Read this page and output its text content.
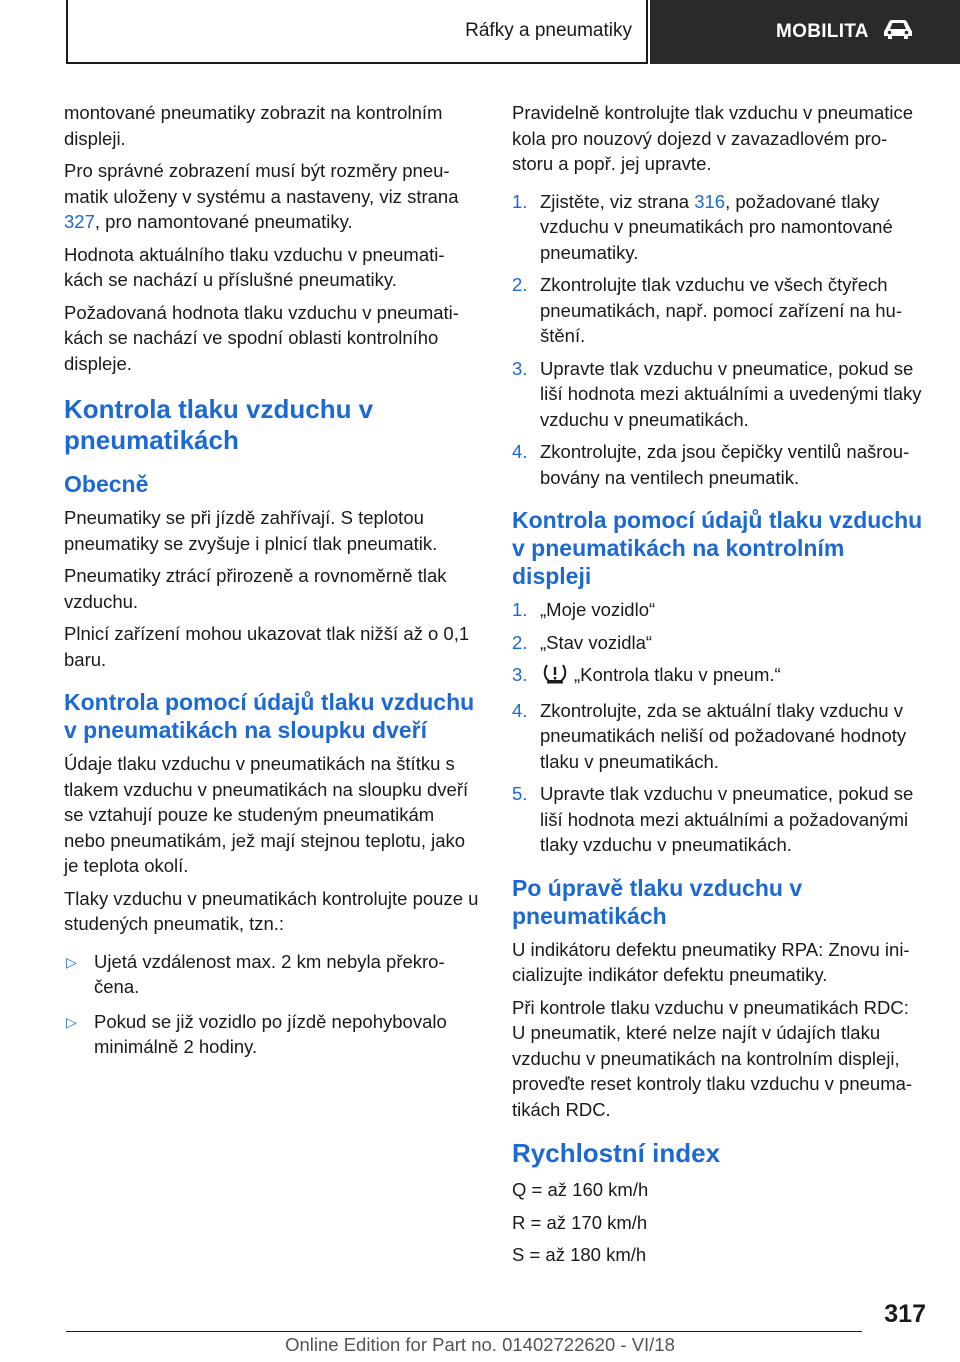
Ráfky a pneumatiky	MOBILITA

montované pneumatiky zobrazit na kontrolním displeji.

Pro správné zobrazení musí být rozměry pneu‐matik uloženy v systému a nastaveny, viz strana 327, pro namontované pneumatiky.

Hodnota aktuálního tlaku vzduchu v pneumati‐kách se nachází u příslušné pneumatiky.

Požadovaná hodnota tlaku vzduchu v pneumati‐kách se nachází ve spodní oblasti kontrolního displeje.

Kontrola tlaku vzduchu v pneumatikách
Obecně

Pneumatiky se při jízdě zahřívají. S teplotou pneumatiky se zvyšuje i plnicí tlak pneumatik.

Pneumatiky ztrácí přirozeně a rovnoměrně tlak vzduchu.

Plnicí zařízení mohou ukazovat tlak nižší až o 0,1 baru.

Kontrola pomocí údajů tlaku vzduchu v pneumatikách na sloupku dveří

Údaje tlaku vzduchu v pneumatikách na štítku s tlakem vzduchu v pneumatikách na sloupku dveří se vztahují pouze ke studeným pneumatikám nebo pneumatikám, jež mají stejnou teplotu, jako je teplota okolí.

Tlaky vzduchu v pneumatikách kontrolujte pouze u studených pneumatik, tzn.:

▷ Ujetá vzdálenost max. 2 km nebyla překro‐čena.
▷ Pokud se již vozidlo po jízdě nepohybovalo minimálně 2 hodiny.

Pravidelně kontrolujte tlak vzduchu v pneumatice kola pro nouzový dojezd v zavazadlovém pro‐storu a popř. jej upravte.

1. Zjistěte, viz strana 316, požadované tlaky vzduchu v pneumatikách pro namontované pneumatiky.
2. Zkontrolujte tlak vzduchu ve všech čtyřech pneumatikách, např. pomocí zařízení na hu‐štění.
3. Upravte tlak vzduchu v pneumatice, pokud se liší hodnota mezi aktuálními a uvedenými tlaky vzduchu v pneumatikách.
4. Zkontrolujte, zda jsou čepičky ventilů našrou‐bovány na ventilech pneumatik.
Kontrola pomocí údajů tlaku vzduchu v pneumatikách na kontrolním displeji
1. „Moje vozidlo“
2. „Stav vozidla“
3.	„Kontrola tlaku v pneum.“
4. Zkontrolujte, zda se aktuální tlaky vzduchu v pneumatikách neliší od požadované hodnoty tlaku v pneumatikách.
5. Upravte tlak vzduchu v pneumatice, pokud se liší hodnota mezi aktuálními a požadovanými tlaky vzduchu v pneumatikách.
Po úpravě tlaku vzduchu v pneumatikách

U indikátoru defektu pneumatiky RPA: Znovu ini‐cializujte indikátor defektu pneumatiky.

Při kontrole tlaku vzduchu v pneumatikách RDC: U pneumatik, které nelze najít v údajích tlaku vzduchu v pneumatikách na kontrolním displeji, proveďte reset kontroly tlaku vzduchu v pneuma‐tikách RDC.

Rychlostní index

Q = až 160 km/h

R = až 170 km/h

S = až 180 km/h

317
Online Edition for Part no. 01402722620 - VI/18
